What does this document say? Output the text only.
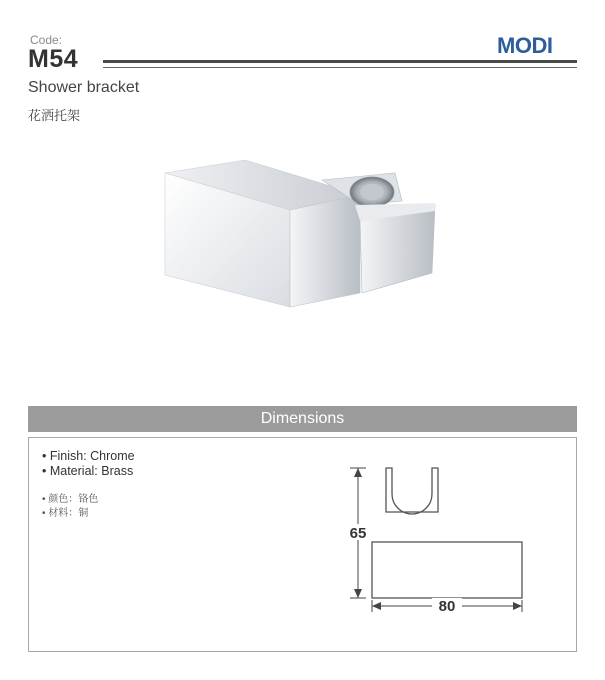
Code:
M54	MODI
Shower bracket
花洒托架
Dimensions
• Finish: Chrome
• Material: Brass
• 颜色：铬色
• 材料：铜
65
80
